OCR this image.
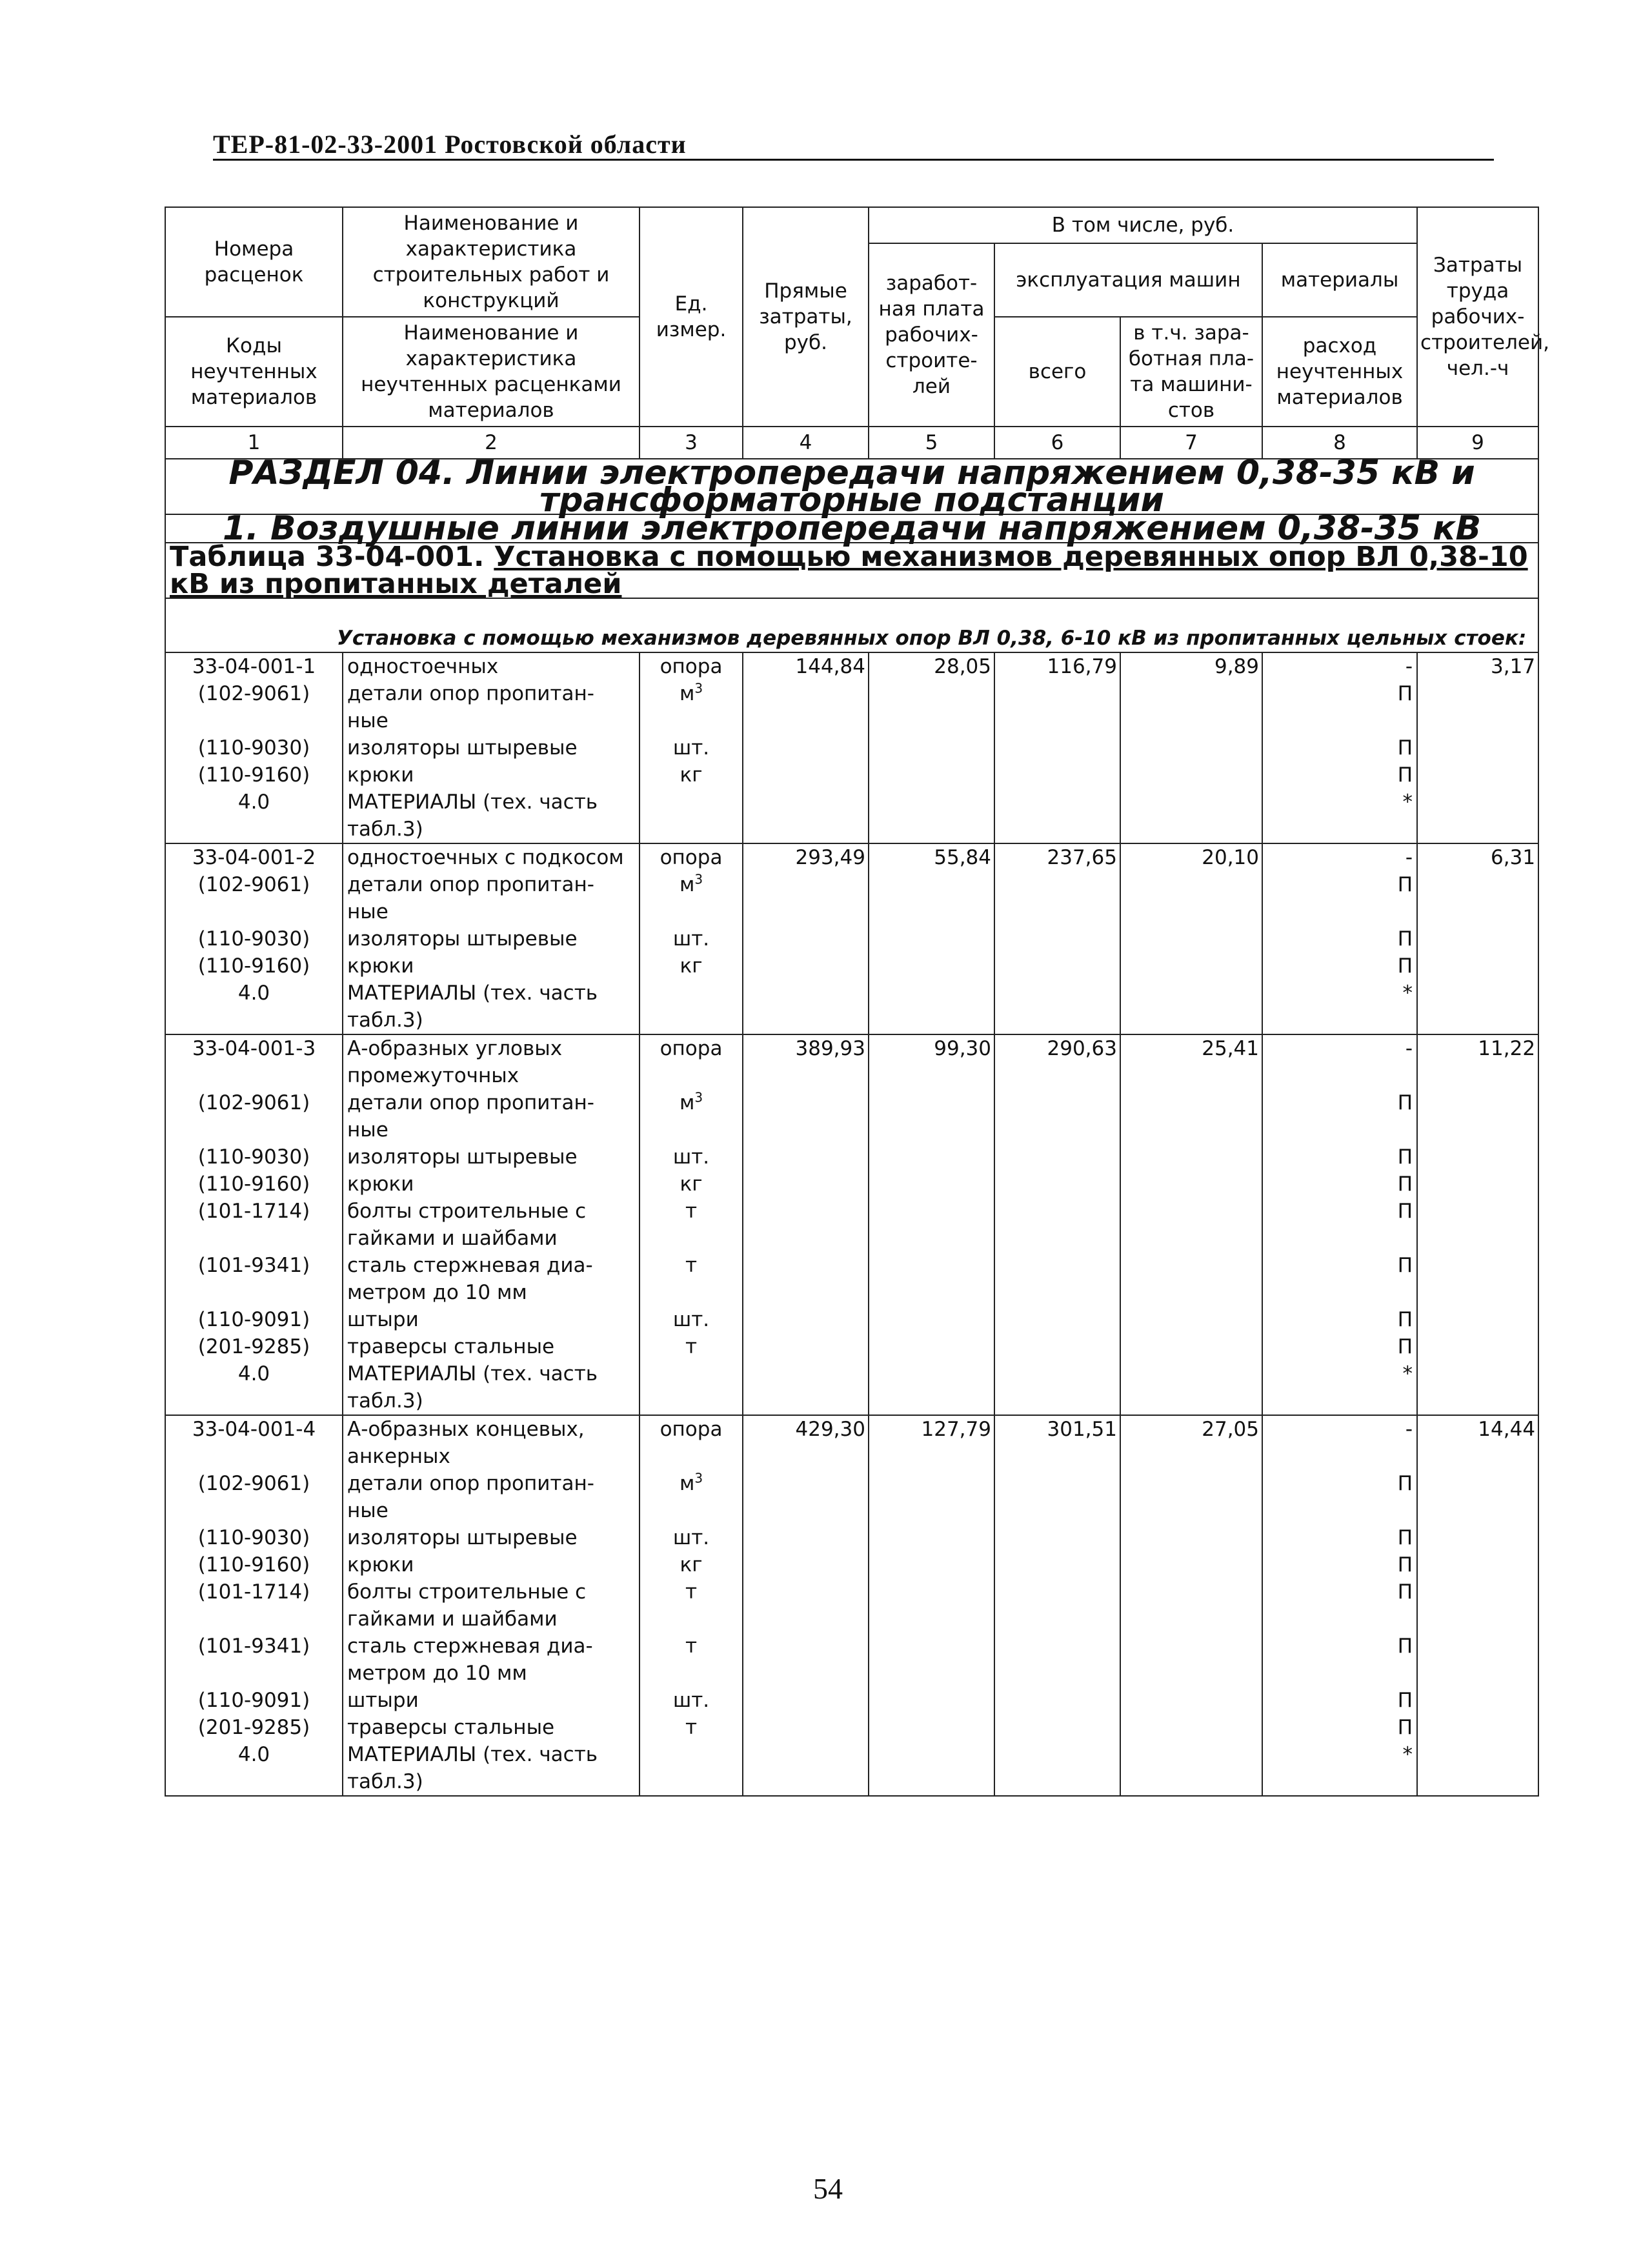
ТЕР-81-02-33-2001 Ростовской области
Номера расценок	Наименование и характеристика строительных работ и конструкций	Ед. измер.	Прямые затраты, руб.	В том числе, руб.				Затраты труда рабочих-строителей, чел.-ч
				заработ-ная плата рабочих-строите-лей	эксплуатация машин		материалы	
Коды неучтенных материалов	Наименование и характеристика неучтенных расценками материалов				всего	в т.ч. зара-ботная пла-та машини-стов	расход неучтенных материалов	

1	2	3	4	5	6	7	8	9
РАЗДЕЛ 04. Линии электропередачи напряжением 0,38-35 кВ и трансформаторные подстанции								
1. Воздушные линии электропередачи напряжением 0,38-35 кВ								
Таблица 33-04-001. Установка с помощью механизмов деревянных опор ВЛ 0,38-10 кВ из пропитанных деталей								
Установка с помощью механизмов деревянных опор ВЛ 0,38, 6-10 кВ из пропитанных цельных стоек:								
33-04-001-1	одностоечных	опора	144,84	28,05	116,79	9,89	-	3,17
(102-9061)	детали опор пропитан-ные	$м^3$					П	
(110-9030)	изоляторы штыревые	шт.					П	
(110-9160)	крюки	кг					П	
4.0	МАТЕРИАЛЫ (тех. часть табл.3)						*	
33-04-001-2	одностоечных с подкосом	опора	293,49	55,84	237,65	20,10	-	6,31
(102-9061)	детали опор пропитан-ные	$м^3$					П	
(110-9030)	изоляторы штыревые	шт.					П	
(110-9160)	крюки	кг					П	
4.0	МАТЕРИАЛЫ (тех. часть табл.3)						*	
33-04-001-3	А-образных угловых промежуточных	опора	389,93	99,30	290,63	25,41	-	11,22
(102-9061)	детали опор пропитан-ные	$м^3$					П	
(110-9030)	изоляторы штыревые	шт.					П	
(110-9160)	крюки	кг					П	
(101-1714)	болты строительные с гайками и шайбами	т					П	
(101-9341)	сталь стержневая диа-метром до 10 мм	т					П	
(110-9091)	штыри	шт.					П	
(201-9285)	траверсы стальные	т					П	
4.0	МАТЕРИАЛЫ (тех. часть табл.3)						*	
33-04-001-4	А-образных концевых, анкерных	опора	429,30	127,79	301,51	27,05	-	14,44
(102-9061)	детали опор пропитан-ные	$м^3$					П	
(110-9030)	изоляторы штыревые	шт.					П	
(110-9160)	крюки	кг					П	
(101-1714)	болты строительные с гайками и шайбами	т					П	
(101-9341)	сталь стержневая диа-метром до 10 мм	т					П	
(110-9091)	штыри	шт.					П	
(201-9285)	траверсы стальные	т					П	
4.0	МАТЕРИАЛЫ (тех. часть табл.3)						*	
54
